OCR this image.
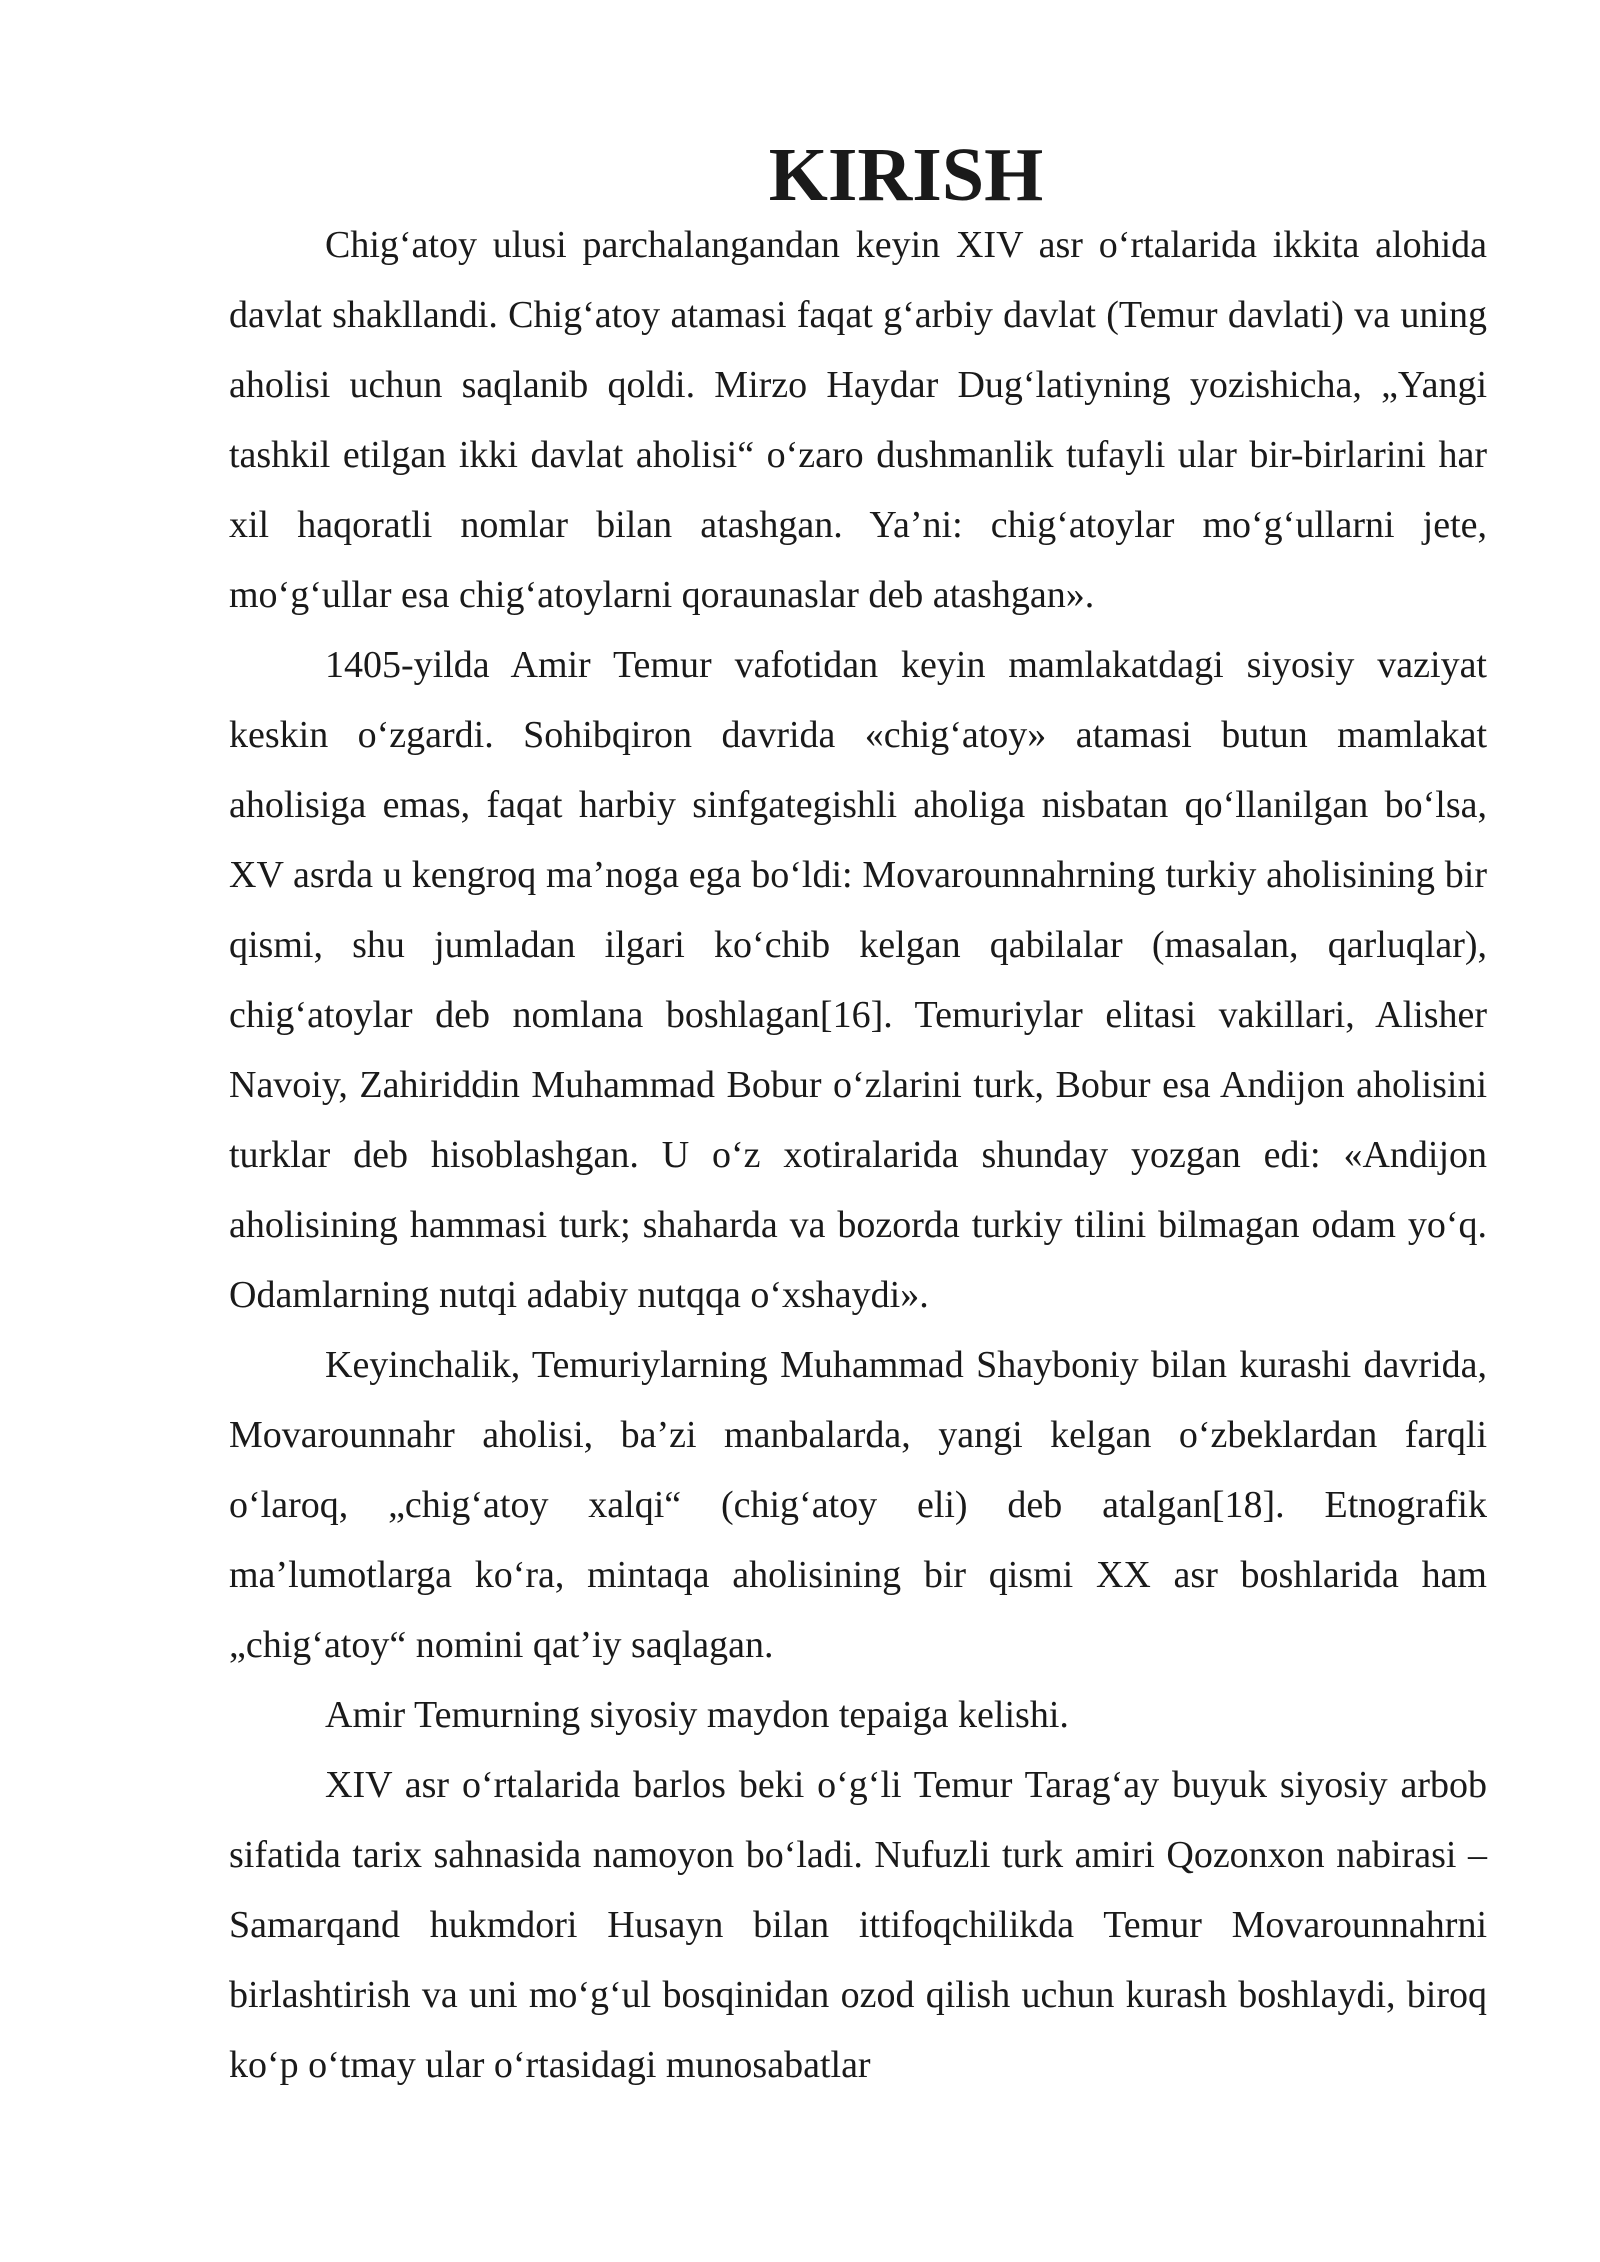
KIRISH

Chig‘atoy ulusi parchalangandan keyin XIV asr o‘rtalarida ikkita alohida davlat shakllandi. Chig‘atoy atamasi faqat g‘arbiy davlat (Temur davlati) va uning aholisi uchun saqlanib qoldi. Mirzo Haydar Dug‘latiyning yozishicha, „Yangi tashkil etilgan ikki davlat aholisi“ o‘zaro dushmanlik tufayli ular bir-birlarini har xil haqoratli nomlar bilan atashgan. Ya’ni: chig‘atoylar mo‘g‘ullarni jete, mo‘g‘ullar esa chig‘atoylarni qoraunaslar deb atashgan».

1405-yilda Amir Temur vafotidan keyin mamlakatdagi siyosiy vaziyat keskin o‘zgardi. Sohibqiron davrida «chig‘atoy» atamasi butun mamlakat aholisiga emas, faqat harbiy sinfgategishli aholiga nisbatan qo‘llanilgan bo‘lsa, XV asrda u kengroq ma’noga ega bo‘ldi: Movarounnahrning turkiy aholisining bir qismi, shu jumladan ilgari ko‘chib kelgan qabilalar (masalan, qarluqlar), chig‘atoylar deb nomlana boshlagan[16]. Temuriylar elitasi vakillari, Alisher Navoiy, Zahiriddin Muhammad Bobur o‘zlarini turk, Bobur esa Andijon aholisini turklar deb hisoblashgan. U o‘z xotiralarida shunday yozgan edi: «Andijon aholisining hammasi turk; shaharda va bozorda turkiy tilini bilmagan odam yo‘q. Odamlarning nutqi adabiy nutqqa o‘xshaydi».

Keyinchalik, Temuriylarning Muhammad Shayboniy bilan kurashi davrida, Movarounnahr aholisi, ba’zi manbalarda, yangi kelgan o‘zbeklardan farqli o‘laroq, „chig‘atoy xalqi“ (chig‘atoy eli) deb atalgan[18]. Etnografik ma’lumotlarga ko‘ra, mintaqa aholisining bir qismi XX asr boshlarida ham „chig‘atoy“ nomini qat’iy saqlagan.

Amir Temurning siyosiy maydon tepaiga kelishi.

XIV asr o‘rtalarida barlos beki o‘g‘li Temur Tarag‘ay buyuk siyosiy arbob sifatida tarix sahnasida namoyon bo‘ladi. Nufuzli turk amiri Qozonxon nabirasi – Samarqand hukmdori Husayn bilan ittifoqchilikda Temur Movarounnahrni birlashtirish va uni mo‘g‘ul bosqinidan ozod qilish uchun kurash boshlaydi, biroq ko‘p o‘tmay ular o‘rtasidagi munosabatlar
